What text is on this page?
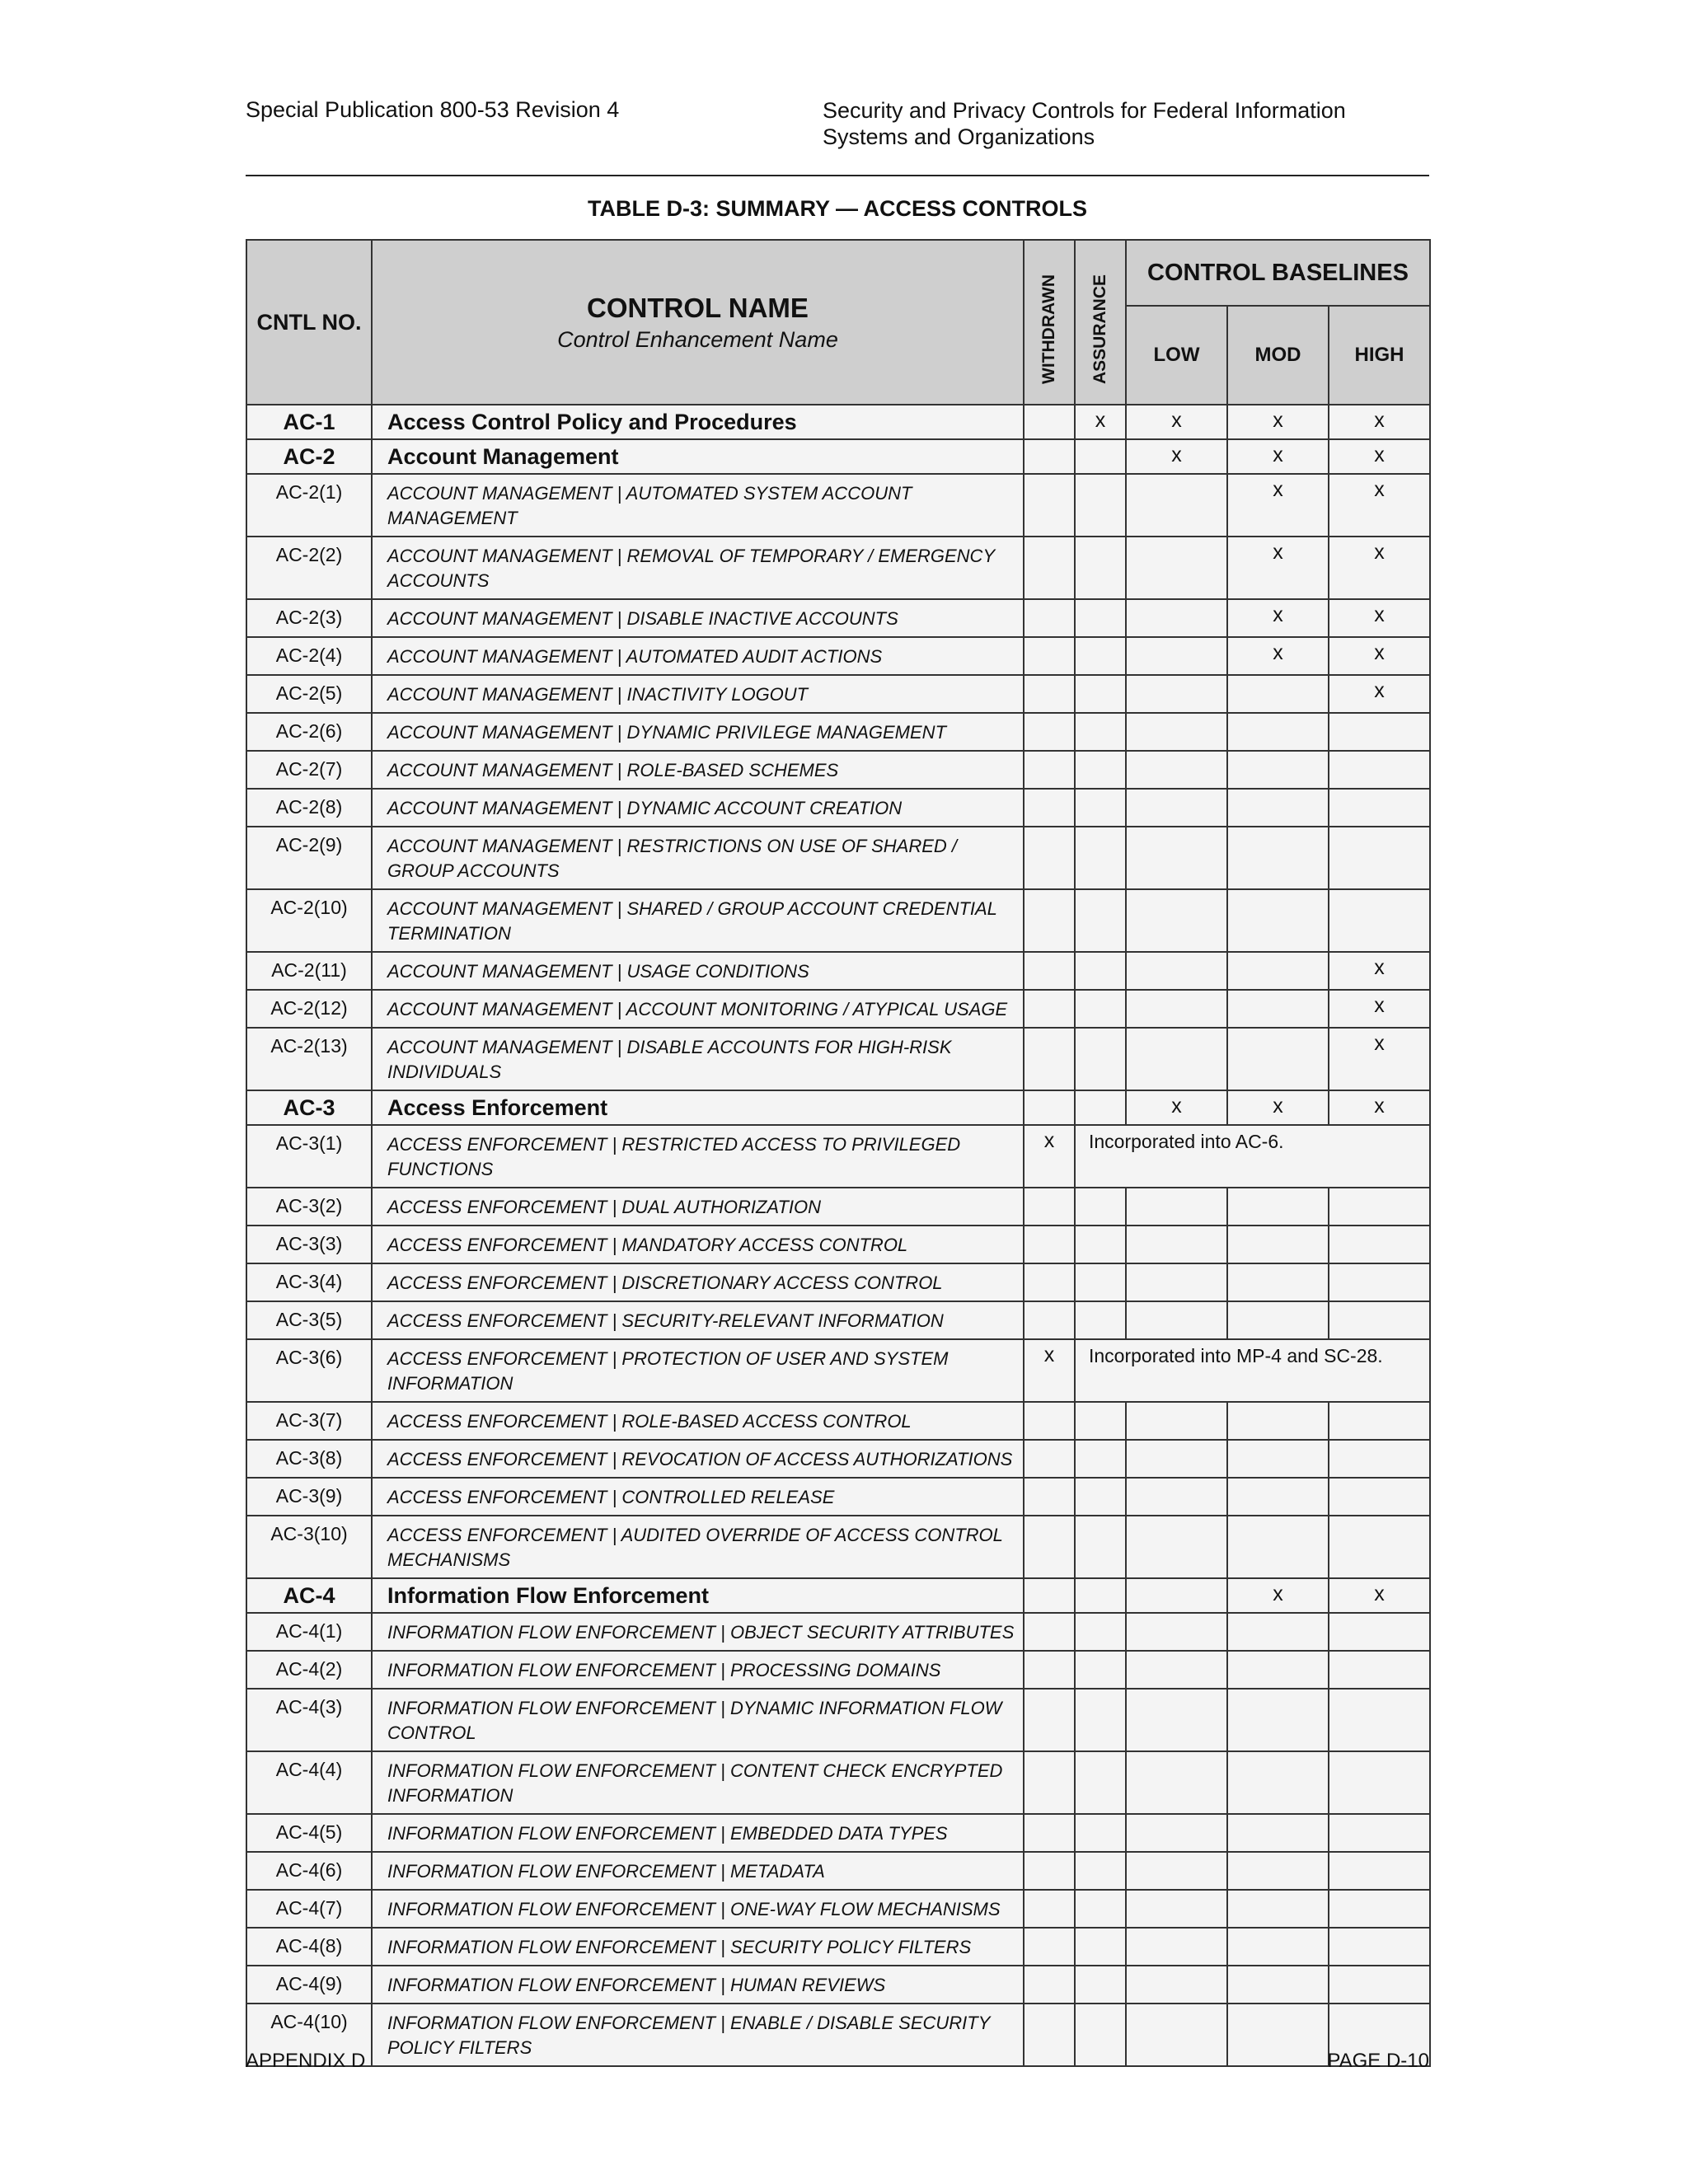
Special Publication 800-53 Revision 4	Security and Privacy Controls for Federal Information Systems and Organizations
TABLE D-3: SUMMARY — ACCESS CONTROLS
CNTL NO.	CONTROL NAME
Control Enhancement Name	WITHDRAWN	ASSURANCE	CONTROL BASELINES		
				LOW	MOD	HIGH
AC-1	Access Control Policy and Procedures		x	x	x	x
AC-2	Account Management			x	x	x
AC-2(1)	ACCOUNT MANAGEMENT | AUTOMATED SYSTEM ACCOUNT MANAGEMENT				x	x
AC-2(2)	ACCOUNT MANAGEMENT | REMOVAL OF TEMPORARY / EMERGENCY ACCOUNTS				x	x
AC-2(3)	ACCOUNT MANAGEMENT | DISABLE INACTIVE ACCOUNTS				x	x
AC-2(4)	ACCOUNT MANAGEMENT | AUTOMATED AUDIT ACTIONS				x	x
AC-2(5)	ACCOUNT MANAGEMENT | INACTIVITY LOGOUT					x
AC-2(6)	ACCOUNT MANAGEMENT | DYNAMIC PRIVILEGE MANAGEMENT					
AC-2(7)	ACCOUNT MANAGEMENT | ROLE-BASED SCHEMES					
AC-2(8)	ACCOUNT MANAGEMENT | DYNAMIC ACCOUNT CREATION					
AC-2(9)	ACCOUNT MANAGEMENT | RESTRICTIONS ON USE OF SHARED / GROUP ACCOUNTS					
AC-2(10)	ACCOUNT MANAGEMENT | SHARED / GROUP ACCOUNT CREDENTIAL TERMINATION					
AC-2(11)	ACCOUNT MANAGEMENT | USAGE CONDITIONS					x
AC-2(12)	ACCOUNT MANAGEMENT | ACCOUNT MONITORING / ATYPICAL USAGE					x
AC-2(13)	ACCOUNT MANAGEMENT | DISABLE ACCOUNTS FOR HIGH-RISK INDIVIDUALS					x
AC-3	Access Enforcement			x	x	x
AC-3(1)	ACCESS ENFORCEMENT | RESTRICTED ACCESS TO PRIVILEGED FUNCTIONS	x	Incorporated into AC-6.			
AC-3(2)	ACCESS ENFORCEMENT | DUAL AUTHORIZATION					
AC-3(3)	ACCESS ENFORCEMENT | MANDATORY ACCESS CONTROL					
AC-3(4)	ACCESS ENFORCEMENT | DISCRETIONARY ACCESS CONTROL					
AC-3(5)	ACCESS ENFORCEMENT | SECURITY-RELEVANT INFORMATION					
AC-3(6)	ACCESS ENFORCEMENT | PROTECTION OF USER AND SYSTEM INFORMATION	x	Incorporated into MP-4 and SC-28.			
AC-3(7)	ACCESS ENFORCEMENT | ROLE-BASED ACCESS CONTROL					
AC-3(8)	ACCESS ENFORCEMENT | REVOCATION OF ACCESS AUTHORIZATIONS					
AC-3(9)	ACCESS ENFORCEMENT | CONTROLLED RELEASE					
AC-3(10)	ACCESS ENFORCEMENT | AUDITED OVERRIDE OF ACCESS CONTROL MECHANISMS					
AC-4	Information Flow Enforcement				x	x
AC-4(1)	INFORMATION FLOW ENFORCEMENT | OBJECT SECURITY ATTRIBUTES					
AC-4(2)	INFORMATION FLOW ENFORCEMENT | PROCESSING DOMAINS					
AC-4(3)	INFORMATION FLOW ENFORCEMENT | DYNAMIC INFORMATION FLOW CONTROL					
AC-4(4)	INFORMATION FLOW ENFORCEMENT | CONTENT CHECK ENCRYPTED INFORMATION					
AC-4(5)	INFORMATION FLOW ENFORCEMENT | EMBEDDED DATA TYPES					
AC-4(6)	INFORMATION FLOW ENFORCEMENT | METADATA					
AC-4(7)	INFORMATION FLOW ENFORCEMENT | ONE-WAY FLOW MECHANISMS					
AC-4(8)	INFORMATION FLOW ENFORCEMENT | SECURITY POLICY FILTERS					
AC-4(9)	INFORMATION FLOW ENFORCEMENT | HUMAN REVIEWS					
AC-4(10)	INFORMATION FLOW ENFORCEMENT | ENABLE / DISABLE SECURITY POLICY FILTERS					
APPENDIX D	PAGE D-10
